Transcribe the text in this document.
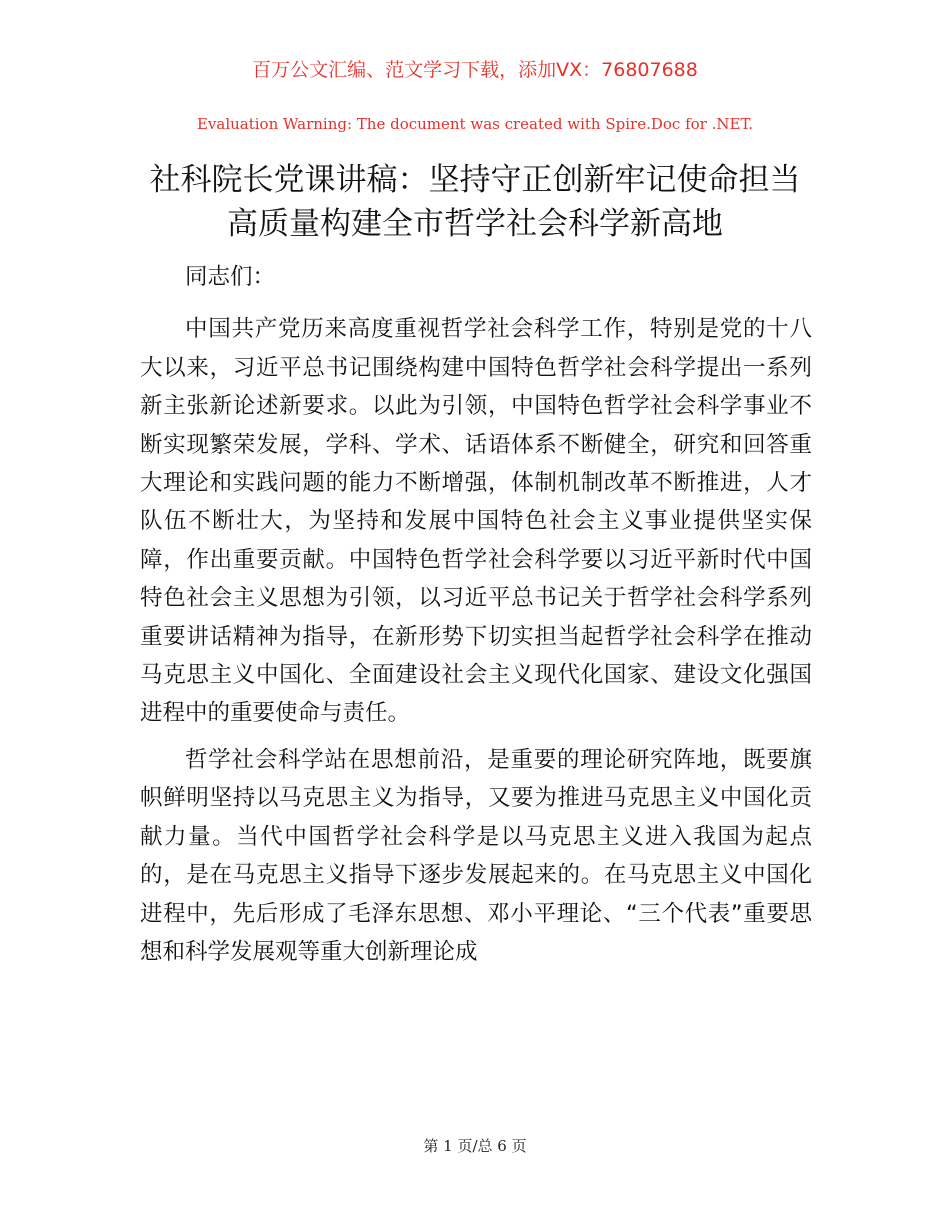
百万公文汇编、范文学习下载，添加VX：76807688
Evaluation Warning: The document was created with Spire.Doc for .NET.
社科院长党课讲稿：坚持守正创新牢记使命担当高质量构建全市哲学社会科学新高地

同志们：

中国共产党历来高度重视哲学社会科学工作，特别是党的十八大以来，习近平总书记围绕构建中国特色哲学社会科学提出一系列新主张新论述新要求。以此为引领，中国特色哲学社会科学事业不断实现繁荣发展，学科、学术、话语体系不断健全，研究和回答重大理论和实践问题的能力不断增强，体制机制改革不断推进，人才队伍不断壮大，为坚持和发展中国特色社会主义事业提供坚实保障，作出重要贡献。中国特色哲学社会科学要以习近平新时代中国特色社会主义思想为引领，以习近平总书记关于哲学社会科学系列重要讲话精神为指导，在新形势下切实担当起哲学社会科学在推动马克思主义中国化、全面建设社会主义现代化国家、建设文化强国进程中的重要使命与责任。

哲学社会科学站在思想前沿，是重要的理论研究阵地，既要旗帜鲜明坚持以马克思主义为指导，又要为推进马克思主义中国化贡献力量。当代中国哲学社会科学是以马克思主义进入我国为起点的，是在马克思主义指导下逐步发展起来的。在马克思主义中国化进程中，先后形成了毛泽东思想、邓小平理论、“三个代表”重要思想和科学发展观等重大创新理论成

第 1 页/总 6 页
